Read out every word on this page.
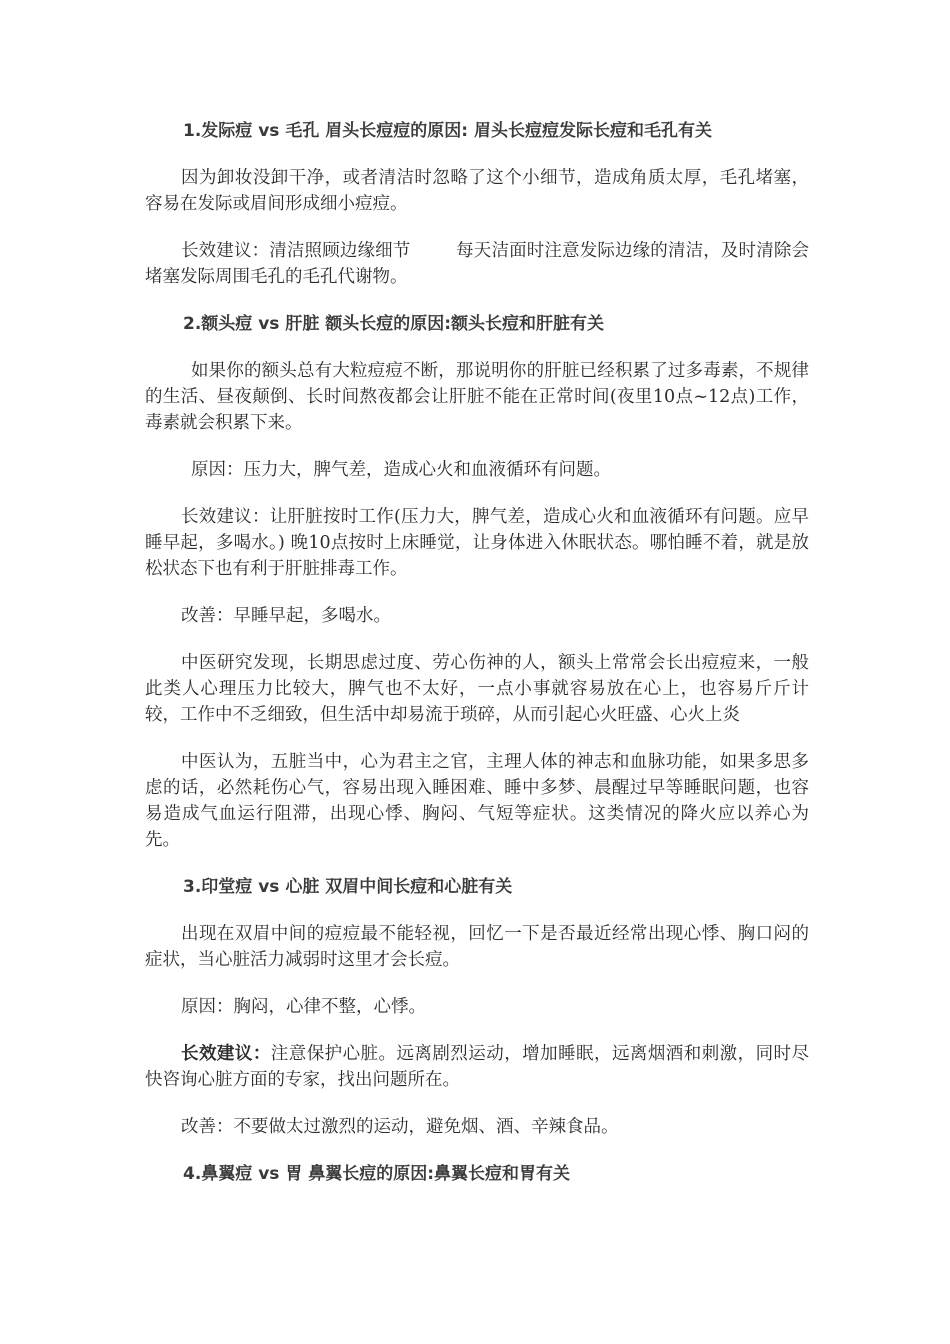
1.发际痘 vs 毛孔 眉头长痘痘的原因: 眉头长痘痘发际长痘和毛孔有关

因为卸妆没卸干净，或者清洁时忽略了这个小细节，造成角质太厚，毛孔堵塞，容易在发际或眉间形成细小痘痘。

长效建议：清洁照顾边缘细节        每天洁面时注意发际边缘的清洁，及时清除会堵塞发际周围毛孔的毛孔代谢物。

2.额头痘 vs 肝脏 额头长痘的原因:额头长痘和肝脏有关

如果你的额头总有大粒痘痘不断，那说明你的肝脏已经积累了过多毒素，不规律的生活、昼夜颠倒、长时间熬夜都会让肝脏不能在正常时间(夜里10点~12点)工作，毒素就会积累下来。

原因：压力大，脾气差，造成心火和血液循环有问题。

长效建议：让肝脏按时工作(压力大，脾气差，造成心火和血液循环有问题。应早睡早起，多喝水。) 晚10点按时上床睡觉，让身体进入休眠状态。哪怕睡不着，就是放松状态下也有利于肝脏排毒工作。

改善：早睡早起，多喝水。

中医研究发现，长期思虑过度、劳心伤神的人，额头上常常会长出痘痘来，一般此类人心理压力比较大，脾气也不太好，一点小事就容易放在心上，也容易斤斤计较，工作中不乏细致，但生活中却易流于琐碎，从而引起心火旺盛、心火上炎

中医认为，五脏当中，心为君主之官，主理人体的神志和血脉功能，如果多思多虑的话，必然耗伤心气，容易出现入睡困难、睡中多梦、晨醒过早等睡眠问题，也容易造成气血运行阻滞，出现心悸、胸闷、气短等症状。这类情况的降火应以养心为先。

3.印堂痘 vs 心脏 双眉中间长痘和心脏有关

出现在双眉中间的痘痘最不能轻视，回忆一下是否最近经常出现心悸、胸口闷的症状，当心脏活力减弱时这里才会长痘。

原因：胸闷，心律不整，心悸。

长效建议：注意保护心脏。远离剧烈运动，增加睡眠，远离烟酒和刺激，同时尽快咨询心脏方面的专家，找出问题所在。

改善：不要做太过激烈的运动，避免烟、酒、辛辣食品。

4.鼻翼痘 vs 胃 鼻翼长痘的原因:鼻翼长痘和胃有关
